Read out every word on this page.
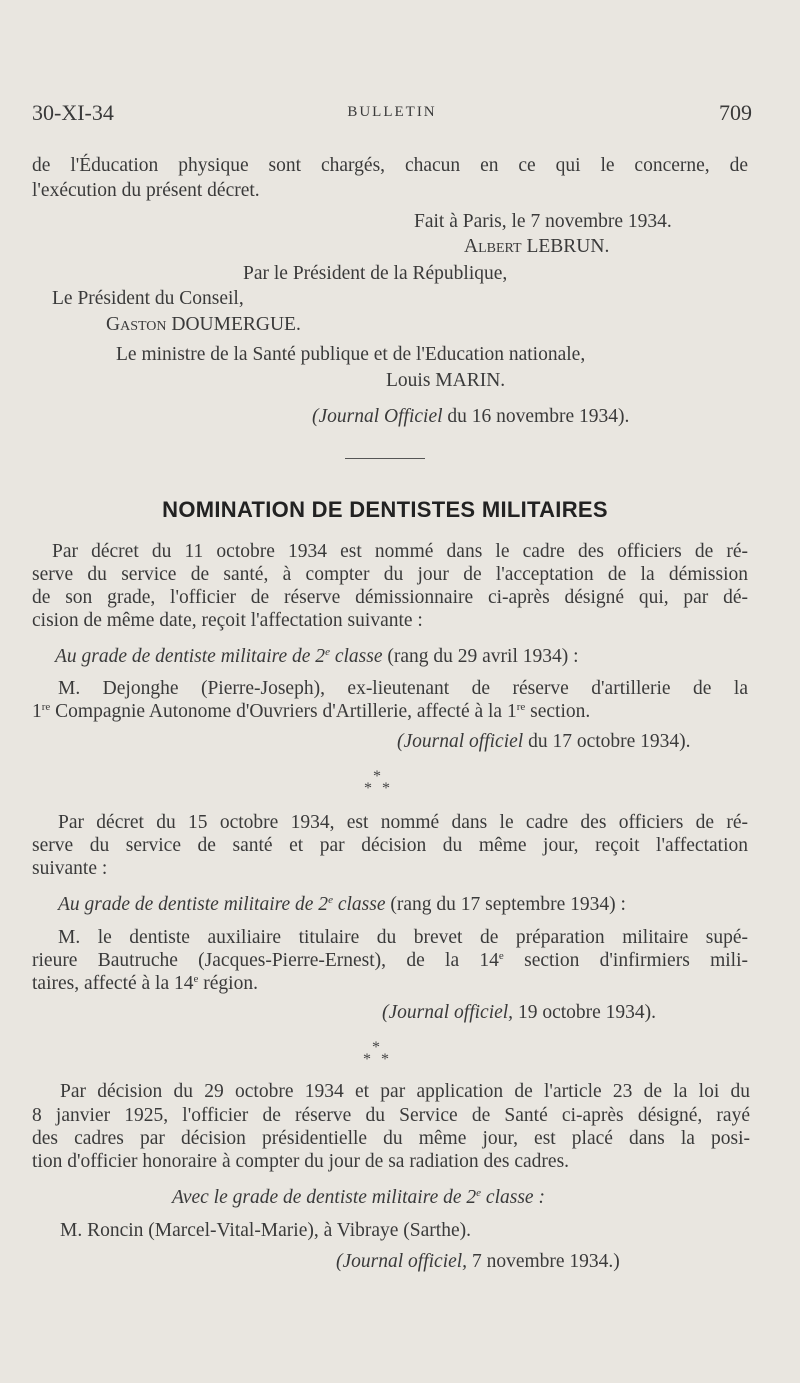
30-XI-34	BULLETIN	709
de l'Éducation physique sont chargés, chacun en ce qui le concerne, de
l'exécution du présent décret.
Fait à Paris, le 7 novembre 1934.
Albert LEBRUN.
Par le Président de la République,
Le Président du Conseil,
Gaston DOUMERGUE.
Le ministre de la Santé publique et de l'Education nationale,
Louis MARIN.
(Journal Officiel du 16 novembre 1934).
NOMINATION DE DENTISTES MILITAIRES
Par décret du 11 octobre 1934 est nommé dans le cadre des officiers de ré-
serve du service de santé, à compter du jour de l'acceptation de la démission
de son grade, l'officier de réserve démissionnaire ci-après désigné qui, par dé-
cision de même date, reçoit l'affectation suivante :
Au grade de dentiste militaire de 2e classe (rang du 29 avril 1934) :
M. Dejonghe (Pierre-Joseph), ex-lieutenant de réserve d'artillerie de la
1re Compagnie Autonome d'Ouvriers d'Artillerie, affecté à la 1re section.
(Journal officiel du 17 octobre 1934).
*
* *
Par décret du 15 octobre 1934, est nommé dans le cadre des officiers de ré-
serve du service de santé et par décision du même jour, reçoit l'affectation
suivante :
Au grade de dentiste militaire de 2e classe (rang du 17 septembre 1934) :
M. le dentiste auxiliaire titulaire du brevet de préparation militaire supé-
rieure Bautruche (Jacques-Pierre-Ernest), de la 14e section d'infirmiers mili-
taires, affecté à la 14e région.
(Journal officiel, 19 octobre 1934).
*
* *
Par décision du 29 octobre 1934 et par application de l'article 23 de la loi du
8 janvier 1925, l'officier de réserve du Service de Santé ci-après désigné, rayé
des cadres par décision présidentielle du même jour, est placé dans la posi-
tion d'officier honoraire à compter du jour de sa radiation des cadres.
Avec le grade de dentiste militaire de 2e classe :
M. Roncin (Marcel-Vital-Marie), à Vibraye (Sarthe).
(Journal officiel, 7 novembre 1934.)
